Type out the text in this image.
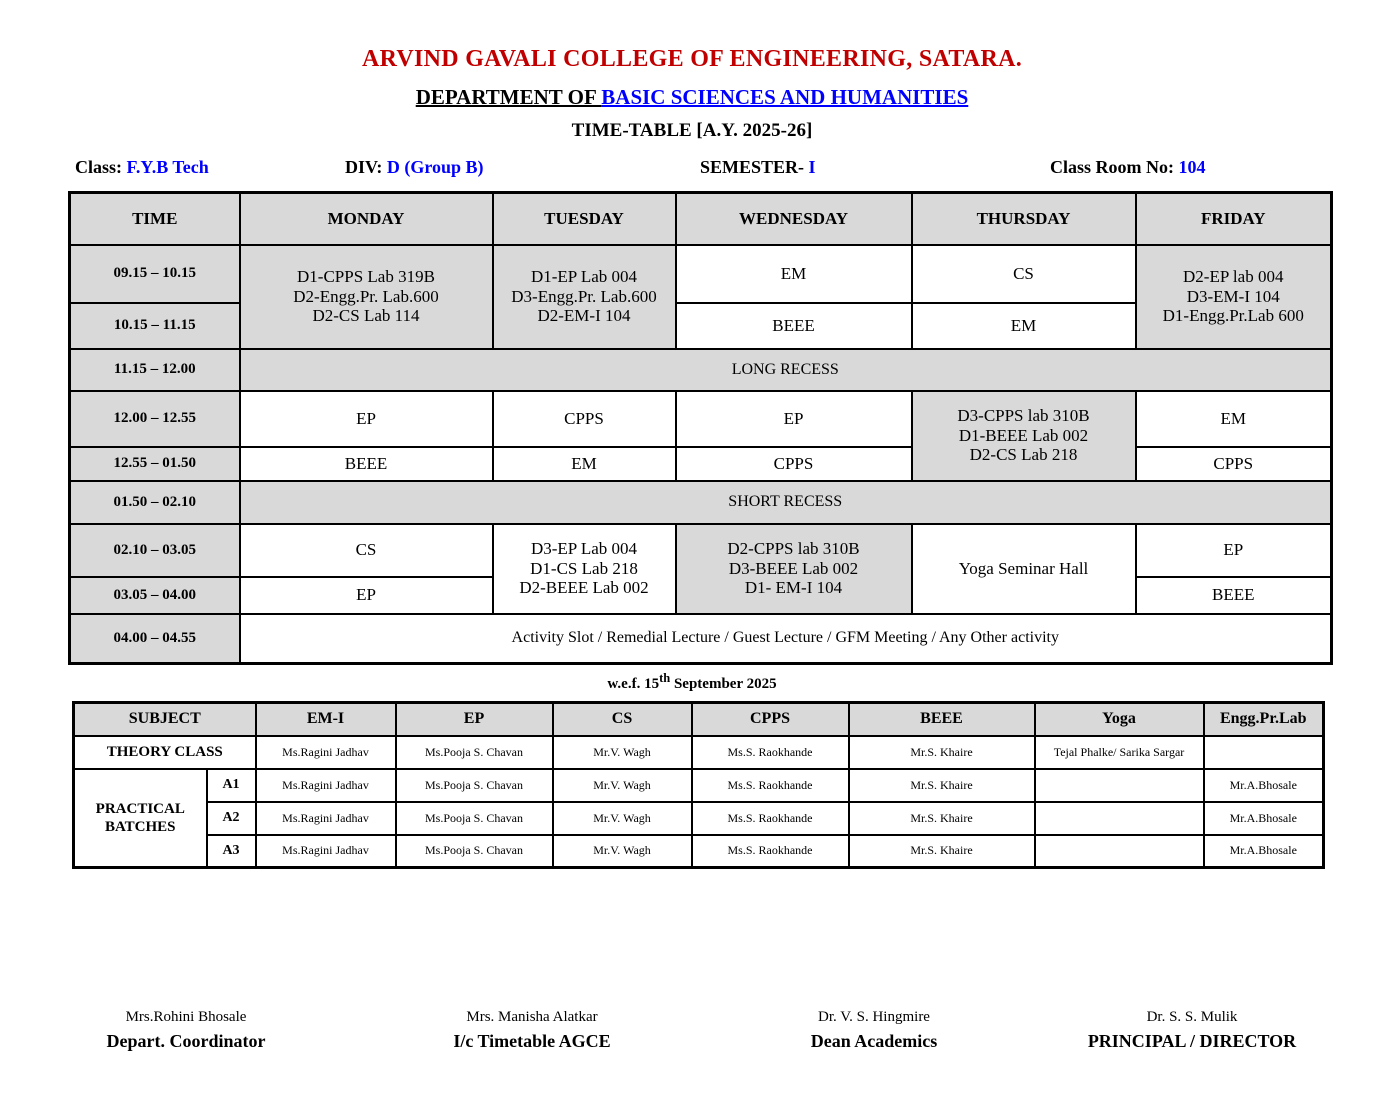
ARVIND GAVALI COLLEGE OF ENGINEERING, SATARA.
DEPARTMENT OF BASIC SCIENCES AND HUMANITIES
TIME-TABLE [A.Y. 2025-26]
Class: F.Y.B Tech	DIV: D (Group B)	SEMESTER- I	Class Room No: 104
TIME	MONDAY	TUESDAY	WEDNESDAY	THURSDAY	FRIDAY
09.15 – 10.15	D1-CPPS Lab 319B
D2-Engg.Pr. Lab.600
D2-CS Lab 114	D1-EP Lab 004
D3-Engg.Pr. Lab.600
D2-EM-I 104	EM	CS	D2-EP lab 004
D3-EM-I 104
D1-Engg.Pr.Lab 600

10.15 – 11.15			BEEE	EM	
11.15 – 12.00	LONG RECESS				
12.00 – 12.55	EP	CPPS	EP	D3-CPPS lab 310B
D1-BEEE Lab 002
D2-CS Lab 218	EM
12.55 – 01.50	BEEE	EM	CPPS		CPPS
01.50 – 02.10	SHORT RECESS				
02.10 – 03.05	CS	D3-EP Lab 004
D1-CS Lab 218
D2-BEEE Lab 002	D2-CPPS lab 310B
D3-BEEE Lab 002
D1- EM-I 104	Yoga Seminar Hall	EP
03.05 – 04.00	EP				BEEE
04.00 – 04.55	Activity Slot / Remedial Lecture / Guest Lecture / GFM Meeting / Any Other activity				
w.e.f. 15th September 2025
SUBJECT		EM-I	EP	CS	CPPS	BEEE	Yoga	Engg.Pr.Lab
THEORY CLASS		Ms.Ragini Jadhav	Ms.Pooja S. Chavan	Mr.V. Wagh	Ms.S. Raokhande	Mr.S. Khaire	Tejal Phalke/ Sarika Sargar	

PRACTICAL
BATCHES	A1	Ms.Ragini Jadhav	Ms.Pooja S. Chavan	Mr.V. Wagh	Ms.S. Raokhande	Mr.S. Khaire		Mr.A.Bhosale
	A2	Ms.Ragini Jadhav	Ms.Pooja S. Chavan	Mr.V. Wagh	Ms.S. Raokhande	Mr.S. Khaire		Mr.A.Bhosale
	A3	Ms.Ragini Jadhav	Ms.Pooja S. Chavan	Mr.V. Wagh	Ms.S. Raokhande	Mr.S. Khaire		Mr.A.Bhosale
Mrs.Rohini Bhosale
Depart. Coordinator
Mrs. Manisha Alatkar
I/c Timetable AGCE
Dr. V. S. Hingmire
Dean Academics
Dr. S. S. Mulik
PRINCIPAL / DIRECTOR
